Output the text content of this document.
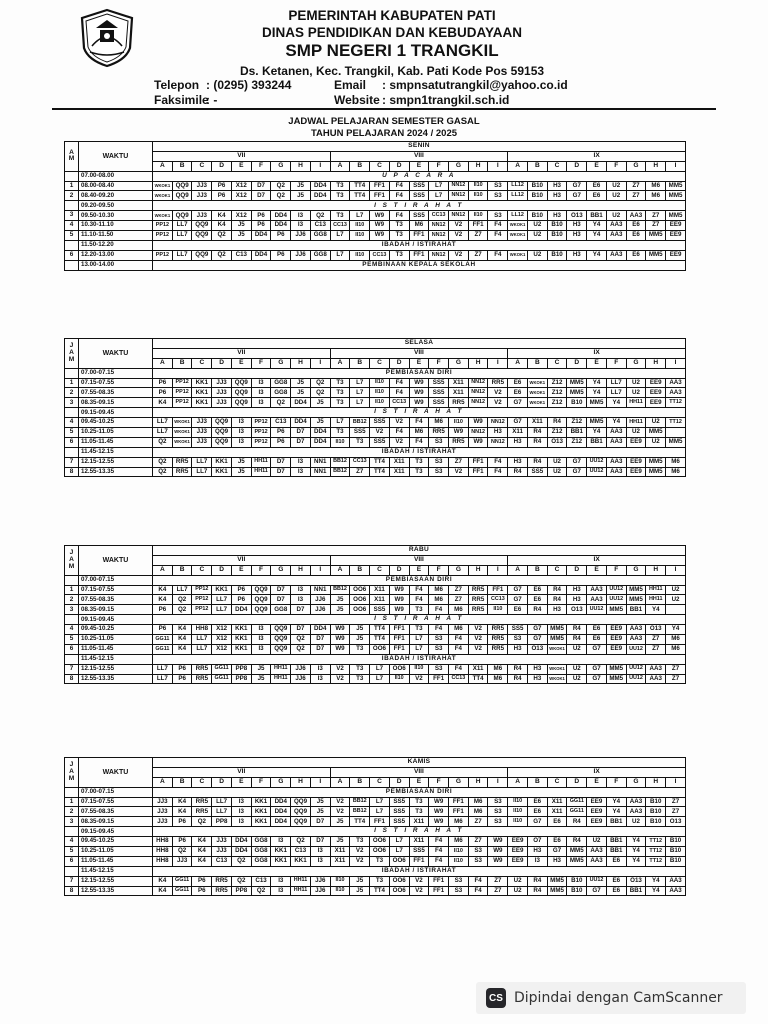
PEMERINTAH KABUPATEN PATI
DINAS PENDIDIKAN DAN KEBUDAYAAN
SMP NEGERI 1 TRANGKIL
Ds. Ketanen, Kec. Trangkil, Kab. Pati Kode Pos 59153
Telepon : (0295) 393244	Email : smpnsatutrangkil@yahoo.co.id
Faksimile
: -	Website : smpn1trangkil.sch.id
JADWAL PELAJARAN SEMESTER GASAL
TAHUN PELAJARAN 2024 / 2025
A
M	WAKTU	SENIN																										
		VII									VIII									IX								
		A	B	C	D	E	F	G	H	I	A	B	C	D	E	F	G	H	I	A	B	C	D	E	F	G	H	I
	07.00-08.00	U P A C A R A																										
1	08.00-08.40	WKOK1	QQ9	JJ3	P6	X12	D7	Q2	J5	DD4	T3	TT4	FF1	F4	SS5	L7	NN12	II10	S3	LL12	B10	H3	G7	E6	U2	Z7	M6	MM5
2	08.40-09.20	WKOK1	QQ9	JJ3	P6	X12	D7	Q2	J5	DD4	T3	TT4	FF1	F4	SS5	L7	NN12	II10	S3	LL12	B10	H3	G7	E6	U2	Z7	M6	MM5
	09.20-09.50	I S T I R A H A T																										
3	09.50-10.30	WKOK1	QQ9	JJ3	K4	X12	P6	DD4	I3	Q2	T3	L7	W9	F4	SS5	CC13	NN12	II10	S3	LL12	B10	H3	O13	BB1	U2	AA3	Z7	MM5
4	10.30-11.10	PP12	LL7	QQ9	K4	J5	P6	DD4	I3	C13	CC13	II10	W9	T3	M6	NN12	V2	FF1	F4	WKOK1	U2	B10	H3	Y4	AA3	E6	Z7	EE9
5	11.10-11.50	PP12	LL7	QQ9	Q2	J5	DD4	P6	JJ6	GG8	L7	II10	W9	T3	FF1	NN12	V2	Z7	F4	WKOK1	U2	B10	H3	Y4	AA3	E6	MM5	EE9
	11.50-12.20	IBADAH / ISTIRAHAT																										
6	12.20-13.00	PP12	LL7	QQ9	Q2	C13	DD4	P6	JJ6	GG8	L7	II10	CC13	T3	FF1	NN12	V2	Z7	F4	WKOK1	U2	B10	H3	Y4	AA3	E6	MM5	EE9
	13.00-14.00	PEMBINAAN KEPALA SEKOLAH																										
J
A
M	WAKTU	SELASA																										
		VII									VIII									IX								
		A	B	C	D	E	F	G	H	I	A	B	C	D	E	F	G	H	I	A	B	C	D	E	F	G	H	I
	07.00-07.15	PEMBIASAAN DIRI																										
1	07.15-07.55	P6	PP12	KK1	JJ3	QQ9	I3	GG8	J5	Q2	T3	L7	II10	F4	W9	SS5	X11	NN12	RR5	E6	WKOK1	Z12	MM5	Y4	LL7	U2	EE9	AA3
2	07.55-08.35	P6	PP12	KK1	JJ3	QQ9	I3	GG8	J5	Q2	T3	L7	II10	F4	W9	SS5	X11	NN12	V2	E6	WKOK1	Z12	MM5	Y4	LL7	U2	EE9	AA3
3	08.35-09.15	K4	PP12	KK1	JJ3	QQ9	I3	Q2	DD4	J5	T3	L7	II10	CC13	W9	SS5	RR5	NN12	V2	G7	WKOK1	Z12	B10	MM5	Y4	HH11	EE9	TT12
	09.15-09.45	I S T I R A H A T																										
4	09.45-10.25	LL7	WKOK1	JJ3	QQ9	I3	PP12	C13	DD4	J5	L7	BB12	SS5	V2	F4	M6	II10	W9	NN12	G7	X11	R4	Z12	MM5	Y4	HH11	U2	TT12
5	10.25-11.05	LL7	WKOK1	JJ3	QQ9	I3	PP12	P6	D7	DD4	T3	SS5	V2	F4	M6	RR5	W9	NN12	H3	X11	R4	Z12	BB1	Y4	AA3	U2	MM5	
6	11.05-11.45	Q2	WKOK1	JJ3	QQ9	I3	PP12	P6	D7	DD4	II10	T3	SS5	V2	F4	S3	RR5	W9	NN12	H3	R4	O13	Z12	BB1	AA3	EE9	U2	MM5
	11.45-12.15	IBADAH / ISTIRAHAT																										
7	12.15-12.55	Q2	RR5	LL7	KK1	J5	HH11	D7	I3	NN1	BB12	CC13	TT4	X11	T3	S3	Z7	FF1	F4	H3	R4	U2	G7	UU12	AA3	EE9	MM5	M6
8	12.55-13.35	Q2	RR5	LL7	KK1	J5	HH11	D7	I3	NN1	BB12	Z7	TT4	X11	T3	S3	V2	FF1	F4	R4	SS5	U2	G7	UU12	AA3	EE9	MM5	M6
J
A
M	WAKTU	RABU																										
		VII									VIII									IX								
		A	B	C	D	E	F	G	H	I	A	B	C	D	E	F	G	H	I	A	B	C	D	E	F	G	H	I
	07.00-07.15	PEMBIASAAN DIRI																										
1	07.15-07.55	K4	LL7	PP12	KK1	P6	QQ9	D7	I3	NN1	BB12	OO6	X11	W9	F4	M6	Z7	RR5	FF1	G7	E6	R4	H3	AA3	UU12	MM5	HH11	U2
2	07.55-08.35	K4	Q2	PP12	LL7	P6	QQ9	D7	I3	JJ6	J5	OO6	X11	W9	F4	M6	Z7	RR5	CC13	G7	E6	R4	H3	AA3	UU12	MM5	HH11	U2
3	08.35-09.15	P6	Q2	PP12	LL7	DD4	QQ9	GG8	D7	JJ6	J5	OO6	SS5	W9	T3	F4	M6	RR5	II10	E6	R4	H3	O13	UU12	MM5	BB1	Y4	
	09.15-09.45	I S T I R A H A T																										
4	09.45-10.25	P6	K4	HH8	X12	KK1	I3	QQ9	D7	DD4	W9	J5	TT4	FF1	T3	F4	M6	V2	RR5	SS5	G7	MM5	R4	E6	EE9	AA3	O13	Y4
5	10.25-11.05	GG11	K4	LL7	X12	KK1	I3	QQ9	Q2	D7	W9	J5	TT4	FF1	L7	S3	F4	V2	RR5	S3	G7	MM5	R4	E6	EE9	AA3	Z7	M6
6	11.05-11.45	GG11	K4	LL7	X12	KK1	I3	QQ9	Q2	D7	W9	T3	OO6	FF1	L7	S3	F4	V2	RR5	H3	O13	WKOK1	U2	G7	EE9	UU12	Z7	M6
	11.45-12.15	IBADAH / ISTIRAHAT																										
7	12.15-12.55	LL7	P6	RR5	GG11	PP8	J5	HH11	JJ6	I3	V2	T3	L7	OO6	II10	S3	F4	X11	M6	R4	H3	WKOK1	U2	G7	MM5	UU12	AA3	Z7
8	12.55-13.35	LL7	P6	RR5	GG11	PP8	J5	HH11	JJ6	I3	V2	T3	L7	II10	V2	FF1	CC13	TT4	M6	R4	H3	WKOK1	U2	G7	MM5	UU12	AA3	Z7
J
A
M	WAKTU	KAMIS																										
		VII									VIII									IX								
		A	B	C	D	E	F	G	H	I	A	B	C	D	E	F	G	H	I	A	B	C	D	E	F	G	H	I
	07.00-07.15	PEMBIASAAN DIRI																										
1	07.15-07.55	JJ3	K4	RR5	LL7	I3	KK1	DD4	QQ9	J5	V2	BB12	L7	SS5	T3	W9	FF1	M6	S3	II10	E6	X11	GG11	EE9	Y4	AA3	B10	Z7
2	07.55-08.35	JJ3	K4	RR5	LL7	I3	KK1	DD4	QQ9	J5	V2	BB12	L7	SS5	T3	W9	FF1	M6	S3	II10	E6	X11	GG11	EE9	Y4	AA3	B10	Z7
3	08.35-09.15	JJ3	P6	Q2	PP8	I3	KK1	DD4	QQ9	D7	J5	TT4	FF1	SS5	X11	W9	M6	Z7	S3	II10	G7	E6	R4	EE9	BB1	U2	B10	O13
	09.15-09.45	I S T I R A H A T																										
4	09.45-10.25	HH8	P6	K4	JJ3	DD4	GG8	I3	Q2	D7	J5	T3	OO6	L7	X11	F4	M6	Z7	W9	EE9	O7	E6	R4	U2	BB1	Y4	TT12	B10
5	10.25-11.05	HH8	Q2	K4	JJ3	DD4	GG8	KK1	C13	I3	X11	V2	OO6	L7	SS5	F4	II10	S3	W9	EE9	H3	G7	MM5	AA3	BB1	Y4	TT12	B10
6	11.05-11.45	HH8	JJ3	K4	C13	Q2	GG8	KK1	KK1	I3	X11	V2	T3	OO6	FF1	F4	II10	S3	W9	EE9	I3	H3	MM5	AA3	E6	Y4	TT12	B10
	11.45-12.15	IBADAH / ISTIRAHAT																										
7	12.15-12.55	K4	GG11	P6	RR5	Q2	C13	I3	HH11	JJ6	II10	J5	T3	OO6	V2	FF1	S3	F4	Z7	U2	R4	MM5	B10	UU12	E6	O13	Y4	AA3
8	12.55-13.35	K4	GG11	P6	RR5	PP8	Q2	I3	HH11	JJ6	II10	J5	TT4	OO6	V2	FF1	S3	F4	Z7	U2	R4	MM5	B10	G7	E6	BB1	Y4	AA3
CS Dipindai dengan CamScanner
